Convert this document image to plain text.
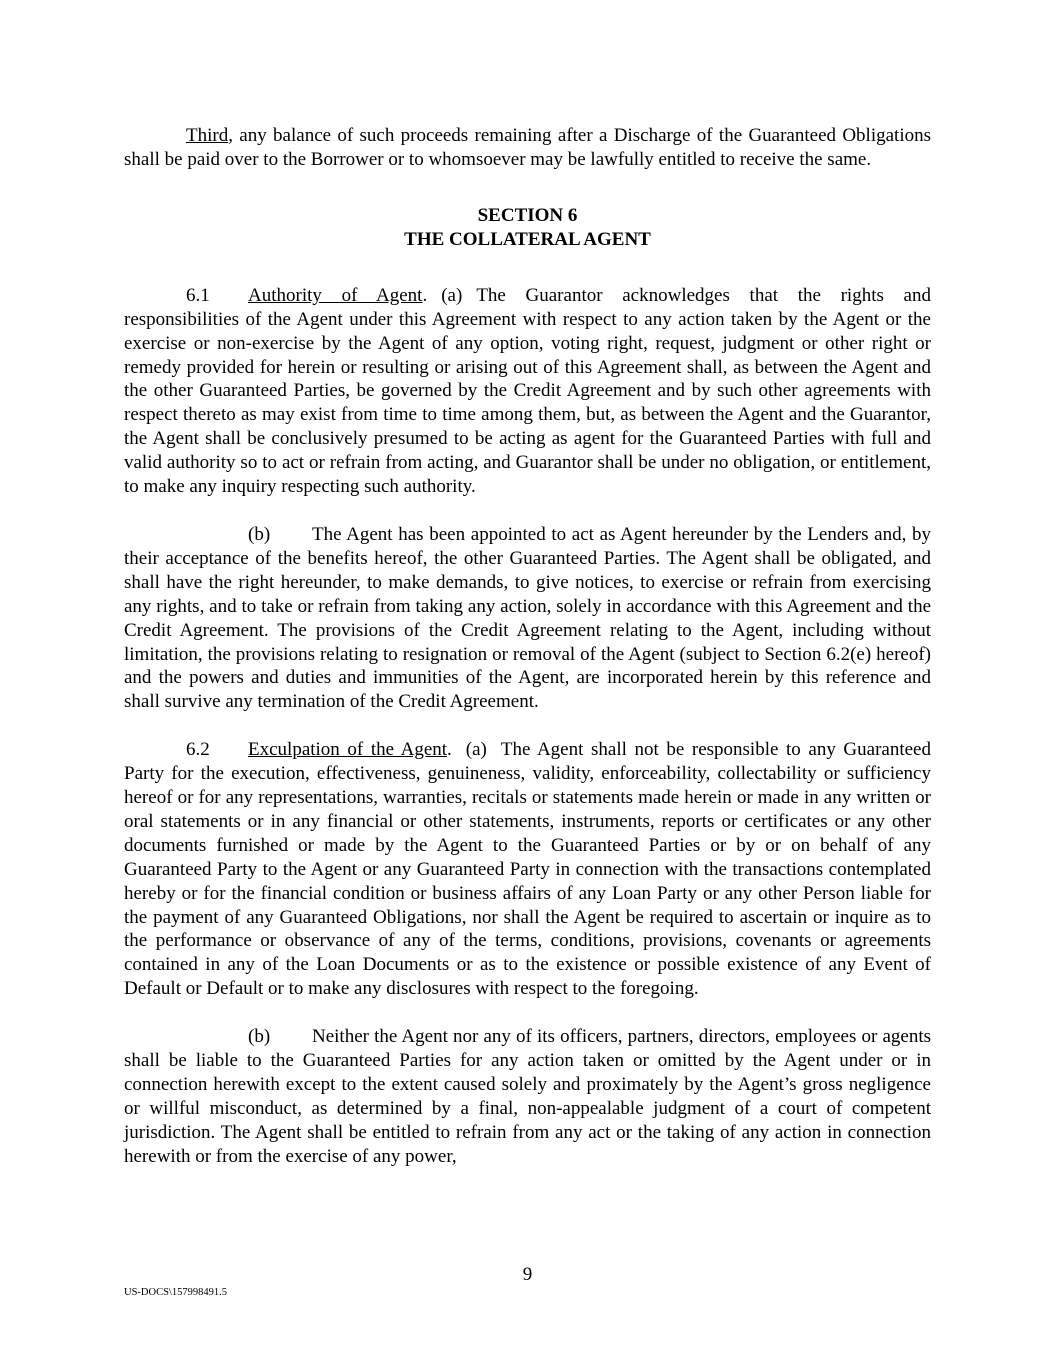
Third, any balance of such proceeds remaining after a Discharge of the Guaranteed Obligations shall be paid over to the Borrower or to whomsoever may be lawfully entitled to receive the same.

SECTION 6
THE COLLATERAL AGENT

6.1 Authority of Agent. (a) The Guarantor acknowledges that the rights and responsibilities of the Agent under this Agreement with respect to any action taken by the Agent or the exercise or non-exercise by the Agent of any option, voting right, request, judgment or other right or remedy provided for herein or resulting or arising out of this Agreement shall, as between the Agent and the other Guaranteed Parties, be governed by the Credit Agreement and by such other agreements with respect thereto as may exist from time to time among them, but, as between the Agent and the Guarantor, the Agent shall be conclusively presumed to be acting as agent for the Guaranteed Parties with full and valid authority so to act or refrain from acting, and Guarantor shall be under no obligation, or entitlement, to make any inquiry respecting such authority.

(b) The Agent has been appointed to act as Agent hereunder by the Lenders and, by their acceptance of the benefits hereof, the other Guaranteed Parties. The Agent shall be obligated, and shall have the right hereunder, to make demands, to give notices, to exercise or refrain from exercising any rights, and to take or refrain from taking any action, solely in accordance with this Agreement and the Credit Agreement. The provisions of the Credit Agreement relating to the Agent, including without limitation, the provisions relating to resignation or removal of the Agent (subject to Section 6.2(e) hereof) and the powers and duties and immunities of the Agent, are incorporated herein by this reference and shall survive any termination of the Credit Agreement.

6.2 Exculpation of the Agent. (a) The Agent shall not be responsible to any Guaranteed Party for the execution, effectiveness, genuineness, validity, enforceability, collectability or sufficiency hereof or for any representations, warranties, recitals or statements made herein or made in any written or oral statements or in any financial or other statements, instruments, reports or certificates or any other documents furnished or made by the Agent to the Guaranteed Parties or by or on behalf of any Guaranteed Party to the Agent or any Guaranteed Party in connection with the transactions contemplated hereby or for the financial condition or business affairs of any Loan Party or any other Person liable for the payment of any Guaranteed Obligations, nor shall the Agent be required to ascertain or inquire as to the performance or observance of any of the terms, conditions, provisions, covenants or agreements contained in any of the Loan Documents or as to the existence or possible existence of any Event of Default or Default or to make any disclosures with respect to the foregoing.

(b) Neither the Agent nor any of its officers, partners, directors, employees or agents shall be liable to the Guaranteed Parties for any action taken or omitted by the Agent under or in connection herewith except to the extent caused solely and proximately by the Agent’s gross negligence or willful misconduct, as determined by a final, non-appealable judgment of a court of competent jurisdiction. The Agent shall be entitled to refrain from any act or the taking of any action in connection herewith or from the exercise of any power,

9
US-DOCS\157998491.5
